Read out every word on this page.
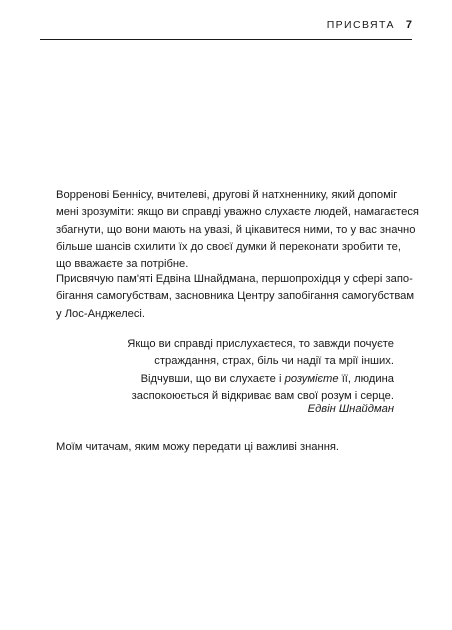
ПРИСВЯТА 7

Ворренові Беннісу, вчителеві, другові й натхненнику, який допоміг
мені зрозуміти: якщо ви справді уважно слухаєте людей, намагаєтеся
збагнути, що вони мають на увазі, й цікавитеся ними, то у вас значно
більше шансів схилити їх до своєї думки й переконати зробити те,
що вважаєте за потрібне.

Присвячую пам'яті Едвіна Шнайдмана, першопрохідця у сфері запо-
бігання самогубствам, засновника Центру запобігання самогубствам
у Лос-Анджелесі.

Якщо ви справді прислухаєтеся, то завжди почуєте
страждання, страх, біль чи надії та мрії інших.
Відчувши, що ви слухаєте і розумієте її, людина
заспокоюється й відкриває вам свої розум і серце.
Едвін Шнайдман

Моїм читачам, яким можу передати ці важливі знання.
